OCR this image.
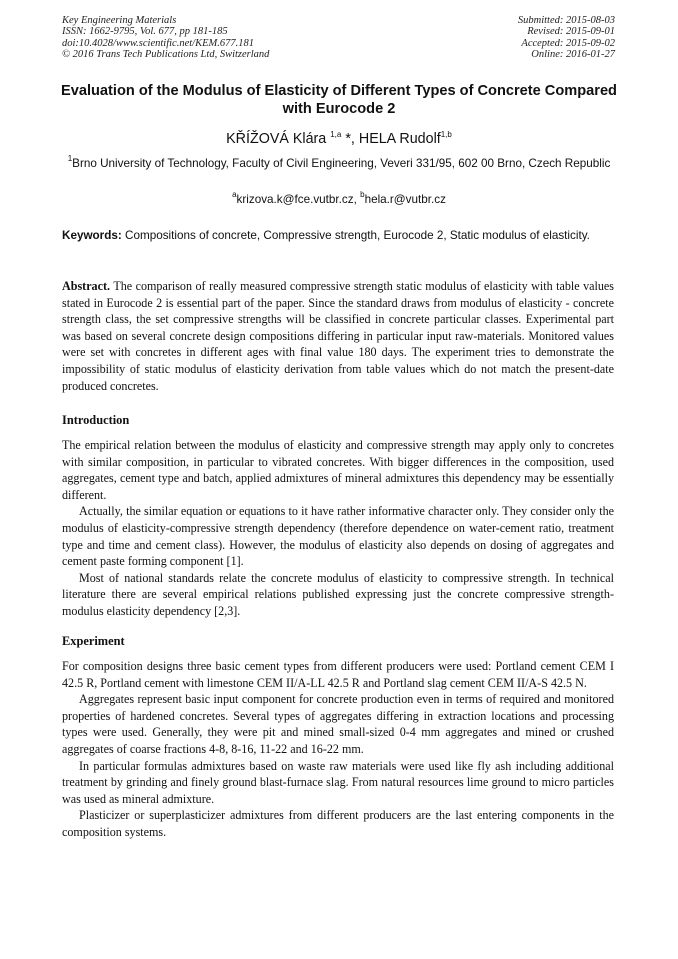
Key Engineering Materials
ISSN: 1662-9795, Vol. 677, pp 181-185
doi:10.4028/www.scientific.net/KEM.677.181
© 2016 Trans Tech Publications Ltd, Switzerland
Submitted: 2015-08-03
Revised: 2015-09-01
Accepted: 2015-09-02
Online: 2016-01-27
Evaluation of the Modulus of Elasticity of Different Types of Concrete Compared with Eurocode 2
KŘÍŽOVÁ Klára $^{1,a}$ *, HELA Rudolf$^{1,b}$
$^1$Brno University of Technology, Faculty of Civil Engineering, Veveri 331/95, 602 00 Brno, Czech Republic
$^a$krizova.k@fce.vutbr.cz, $^b$hela.r@vutbr.cz
Keywords: Compositions of concrete, Compressive strength, Eurocode 2, Static modulus of elasticity.
Abstract. The comparison of really measured compressive strength static modulus of elasticity with table values stated in Eurocode 2 is essential part of the paper. Since the standard draws from modulus of elasticity - concrete strength class, the set compressive strengths will be classified in concrete particular classes. Experimental part was based on several concrete design compositions differing in particular input raw-materials. Monitored values were set with concretes in different ages with final value 180 days. The experiment tries to demonstrate the impossibility of static modulus of elasticity derivation from table values which do not match the present-date produced concretes.
Introduction

The empirical relation between the modulus of elasticity and compressive strength may apply only to concretes with similar composition, in particular to vibrated concretes. With bigger differences in the composition, used aggregates, cement type and batch, applied admixtures of mineral admixtures this dependency may be essentially different.

Actually, the similar equation or equations to it have rather informative character only. They consider only the modulus of elasticity-compressive strength dependency (therefore dependence on water-cement ratio, treatment type and time and cement class). However, the modulus of elasticity also depends on dosing of aggregates and cement paste forming component [1].

Most of national standards relate the concrete modulus of elasticity to compressive strength. In technical literature there are several empirical relations published expressing just the concrete compressive strength-modulus elasticity dependency [2,3].

Experiment

For composition designs three basic cement types from different producers were used: Portland cement CEM I 42.5 R, Portland cement with limestone CEM II/A-LL 42.5 R and Portland slag cement CEM II/A-S 42.5 N.

Aggregates represent basic input component for concrete production even in terms of required and monitored properties of hardened concretes. Several types of aggregates differing in extraction locations and processing types were used. Generally, they were pit and mined small-sized 0-4 mm aggregates and mined or crushed aggregates of coarse fractions 4-8, 8-16, 11-22 and 16-22 mm.

In particular formulas admixtures based on waste raw materials were used like fly ash including additional treatment by grinding and finely ground blast-furnace slag. From natural resources lime ground to micro particles was used as mineral admixture.

Plasticizer or superplasticizer admixtures from different producers are the last entering components in the composition systems.
